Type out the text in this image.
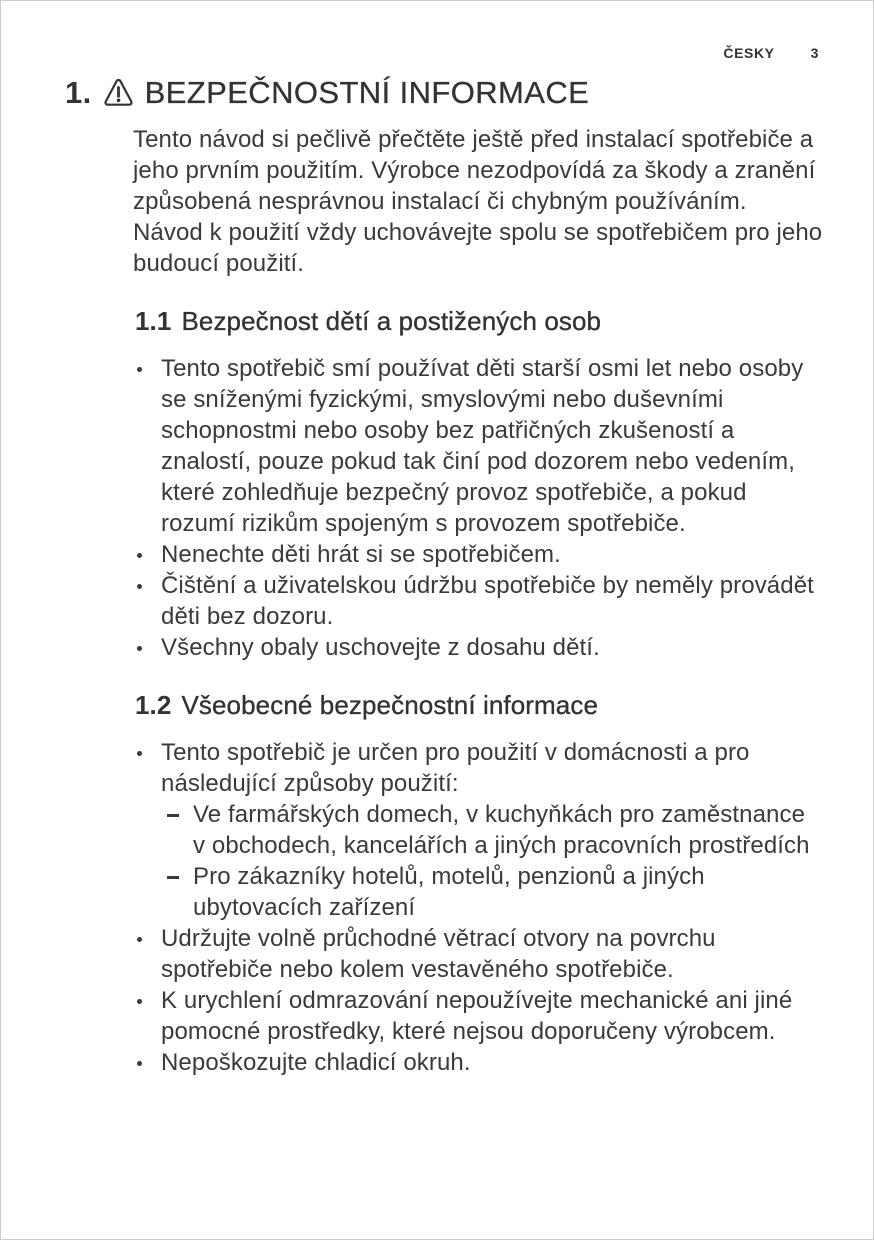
ČESKY	3
1. BEZPEČNOSTNÍ INFORMACE

Tento návod si pečlivě přečtěte ještě před instalací spotřebiče a jeho prvním použitím. Výrobce nezodpovídá za škody a zranění způsobená nesprávnou instalací či chybným používáním. Návod k použití vždy uchovávejte spolu se spotřebičem pro jeho budoucí použití.

1.1 Bezpečnost dětí a postižených osob
Tento spotřebič smí používat děti starší osmi let nebo osoby se sníženými fyzickými, smyslovými nebo duševními schopnostmi nebo osoby bez patřičných zkušeností a znalostí, pouze pokud tak činí pod dozorem nebo vedením, které zohledňuje bezpečný provoz spotřebiče, a pokud rozumí rizikům spojeným s provozem spotřebiče.
Nenechte děti hrát si se spotřebičem.
Čištění a uživatelskou údržbu spotřebiče by neměly provádět děti bez dozoru.
Všechny obaly uschovejte z dosahu dětí.
1.2 Všeobecné bezpečnostní informace
Tento spotřebič je určen pro použití v domácnosti a pro následující způsoby použití:
Ve farmářských domech, v kuchyňkách pro zaměstnance v obchodech, kancelářích a jiných pracovních prostředích
Pro zákazníky hotelů, motelů, penzionů a jiných ubytovacích zařízení
Udržujte volně průchodné větrací otvory na povrchu spotřebiče nebo kolem vestavěného spotřebiče.
K urychlení odmrazování nepoužívejte mechanické ani jiné pomocné prostředky, které nejsou doporučeny výrobcem.
Nepoškozujte chladicí okruh.
